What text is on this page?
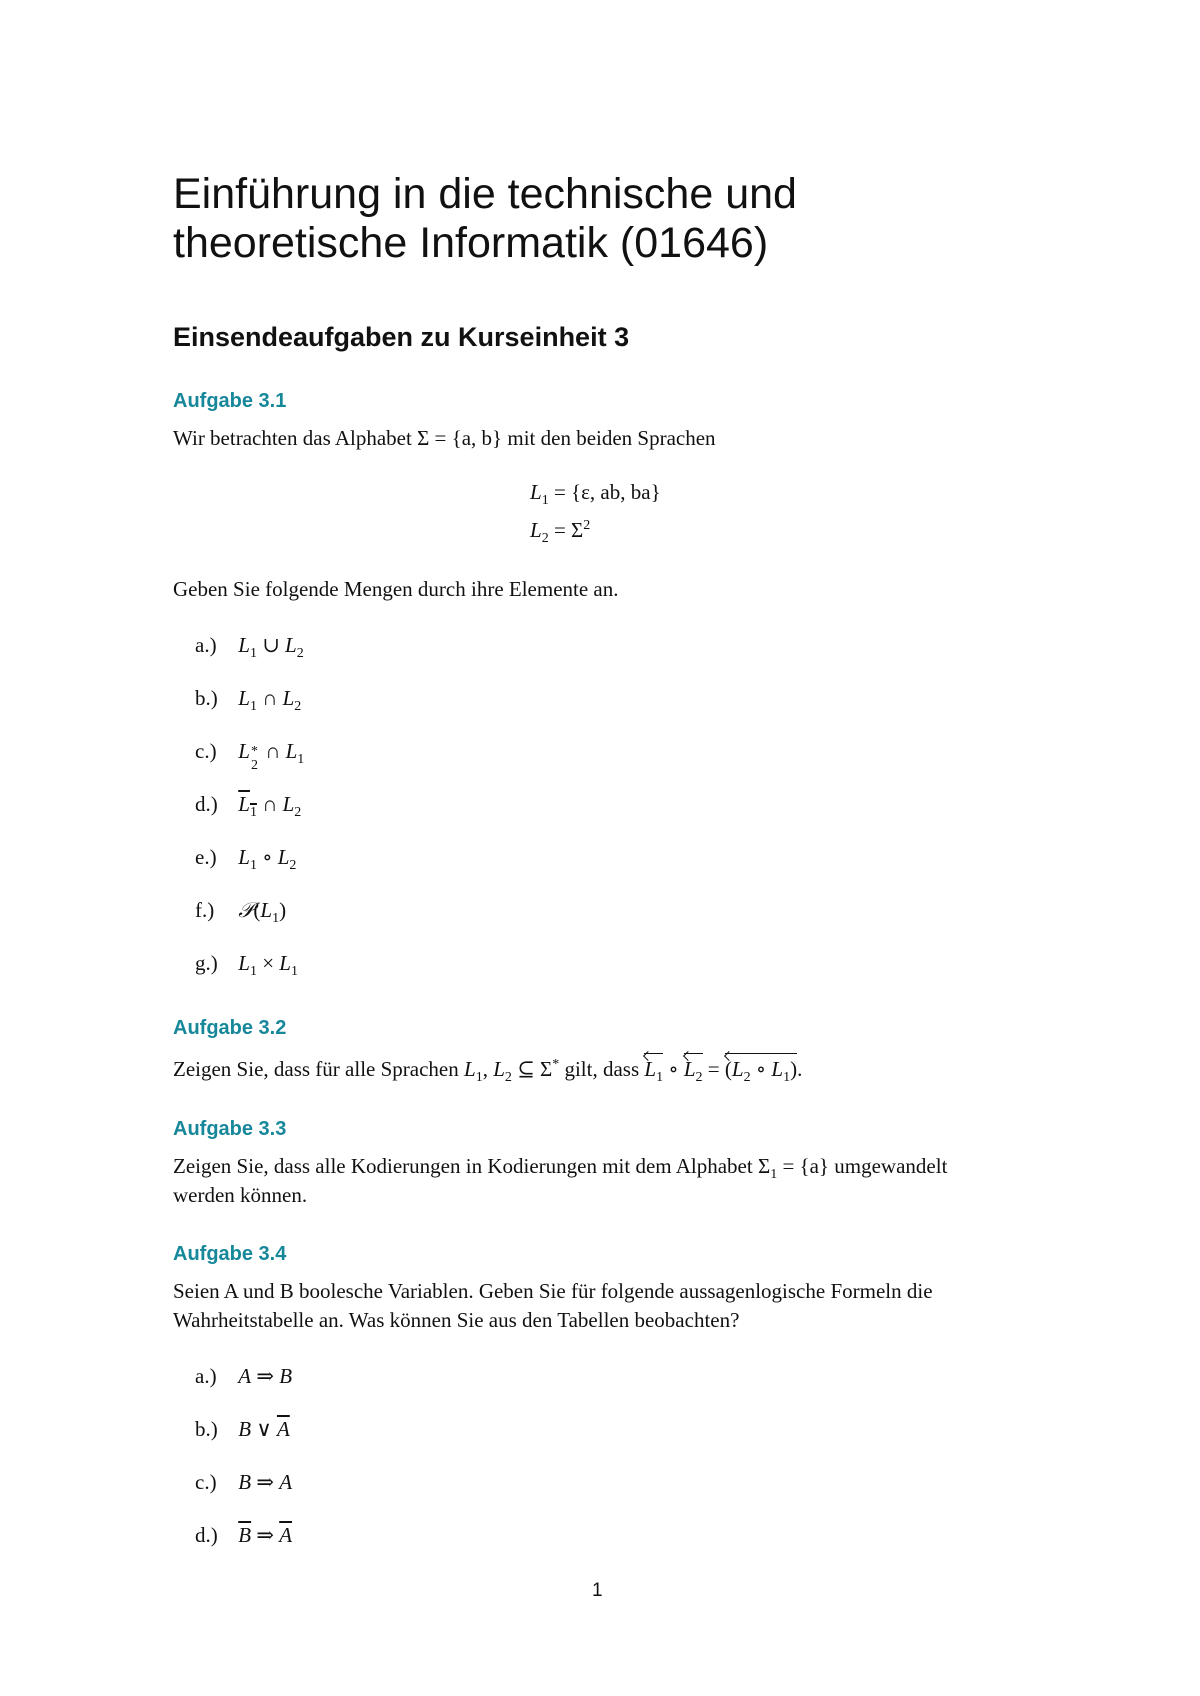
Einführung in die technische und
theoretische Informatik (01646)
Einsendeaufgaben zu Kurseinheit 3
Aufgabe 3.1
Wir betrachten das Alphabet Σ = {a, b} mit den beiden Sprachen
$L_1 = \{\varepsilon$, ab, ba}
$L_2 = \Sigma^2$
Geben Sie folgende Mengen durch ihre Elemente an.
a.) $L_1$ ∪ $L_2$
b.) $L_1$ ∩ $L_2$
c.) L *
2
∩ $L_1$
d.) $L_1$ ∩ $L_2$
e.) $L_1$ ∘ $L_2$
f.) $𝒫(L_1)$
g.) $L_1 \times L_1$
Aufgabe 3.2
Zeigen Sie, dass für alle Sprachen $L_1$, $L_2$ ⊆ Σ* gilt, dass $L_1$ ∘ $L_2 = (L_2$ ∘ $L_1$).
Aufgabe 3.3
Zeigen Sie, dass alle Kodierungen in Kodierungen mit dem Alphabet $\Sigma_1 = \{a\}$ umgewandelt
werden können.
Aufgabe 3.4
Seien A und B boolesche Variablen. Geben Sie für folgende aussagenlogische Formeln die
Wahrheitstabelle an. Was können Sie aus den Tabellen beobachten?
a.) A ⇒ B
b.) B ∨ $\overline{A}$
c.) B ⇒ A
d.) $\overline{B}$ ⇒ $\overline{A}$
1
